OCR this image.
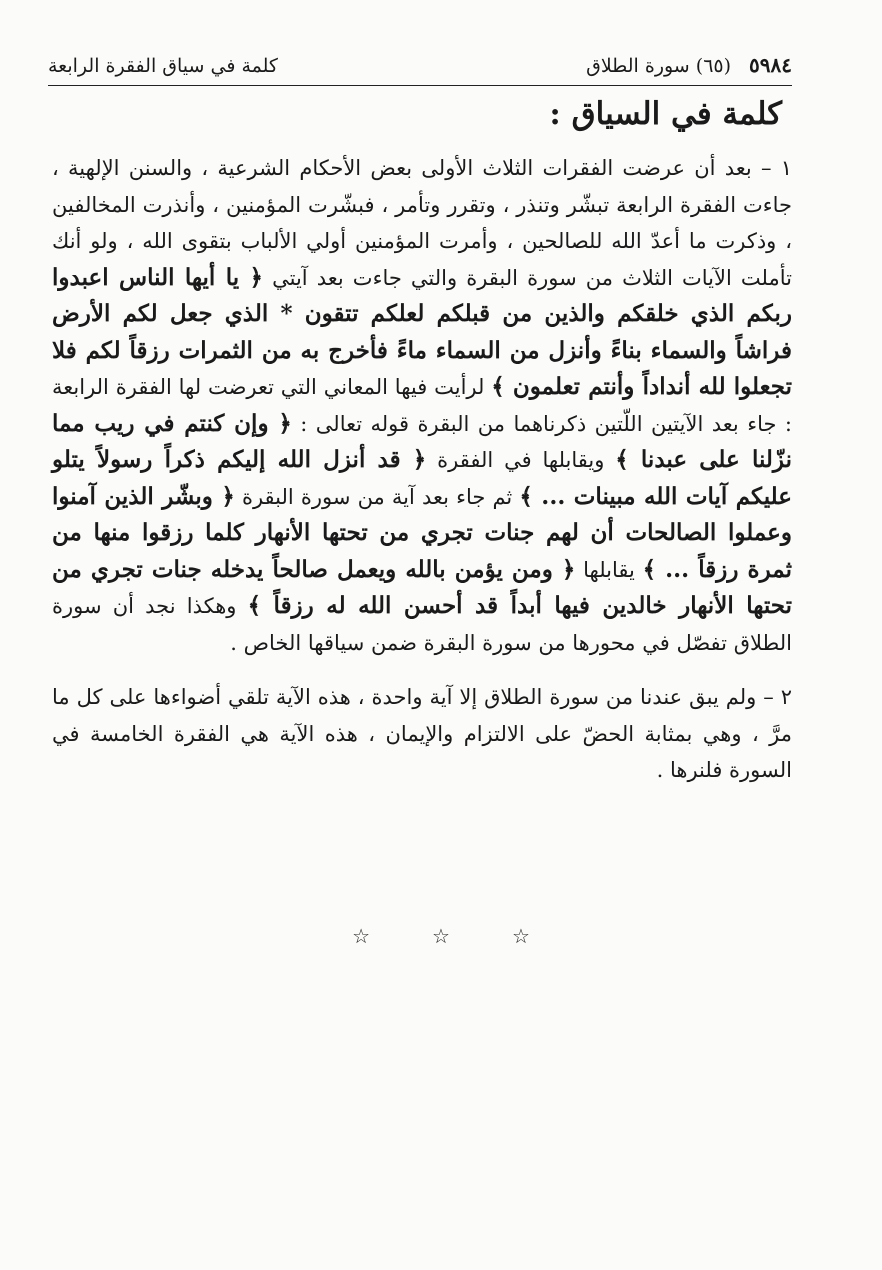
٥٩٨٤
(٦٥) سورة الطلاق
كلمة في سياق الفقرة الرابعة
كلمة في السياق :

١ – بعد أن عرضت الفقرات الثلاث الأولى بعض الأحكام الشرعية ، والسنن الإلهية ، جاءت الفقرة الرابعة تبشّر وتنذر ، وتقرر وتأمر ، فبشّرت المؤمنين ، وأنذرت المخالفين ، وذكرت ما أعدّ الله للصالحين ، وأمرت المؤمنين أولي الألباب بتقوى الله ، ولو أنك تأملت الآيات الثلاث من سورة البقرة والتي جاءت بعد آيتي ﴿ يا أيها الناس اعبدوا ربكم الذي خلقكم والذين من قبلكم لعلكم تتقون * الذي جعل لكم الأرض فراشاً والسماء بناءً وأنزل من السماء ماءً فأخرج به من الثمرات رزقاً لكم فلا تجعلوا لله أنداداً وأنتم تعلمون ﴾ لرأيت فيها المعاني التي تعرضت لها الفقرة الرابعة : جاء بعد الآيتين اللّتين ذكرناهما من البقرة قوله تعالى : ﴿ وإن كنتم في ريب مما نزّلنا على عبدنا ﴾ ويقابلها في الفقرة ﴿ قد أنزل الله إليكم ذكراً رسولاً يتلو عليكم آيات الله مبينات ... ﴾ ثم جاء بعد آية من سورة البقرة ﴿ وبشّر الذين آمنوا وعملوا الصالحات أن لهم جنات تجري من تحتها الأنهار كلما رزقوا منها من ثمرة رزقاً ... ﴾ يقابلها ﴿ ومن يؤمن بالله ويعمل صالحاً يدخله جنات تجري من تحتها الأنهار خالدين فيها أبداً قد أحسن الله له رزقاً ﴾ وهكذا نجد أن سورة الطلاق تفصّل في محورها من سورة البقرة ضمن سياقها الخاص .

٢ – ولم يبق عندنا من سورة الطلاق إلا آية واحدة ، هذه الآية تلقي أضواءها على كل ما مرَّ ، وهي بمثابة الحضّ على الالتزام والإيمان ، هذه الآية هي الفقرة الخامسة في السورة فلنرها .

☆
☆
☆
